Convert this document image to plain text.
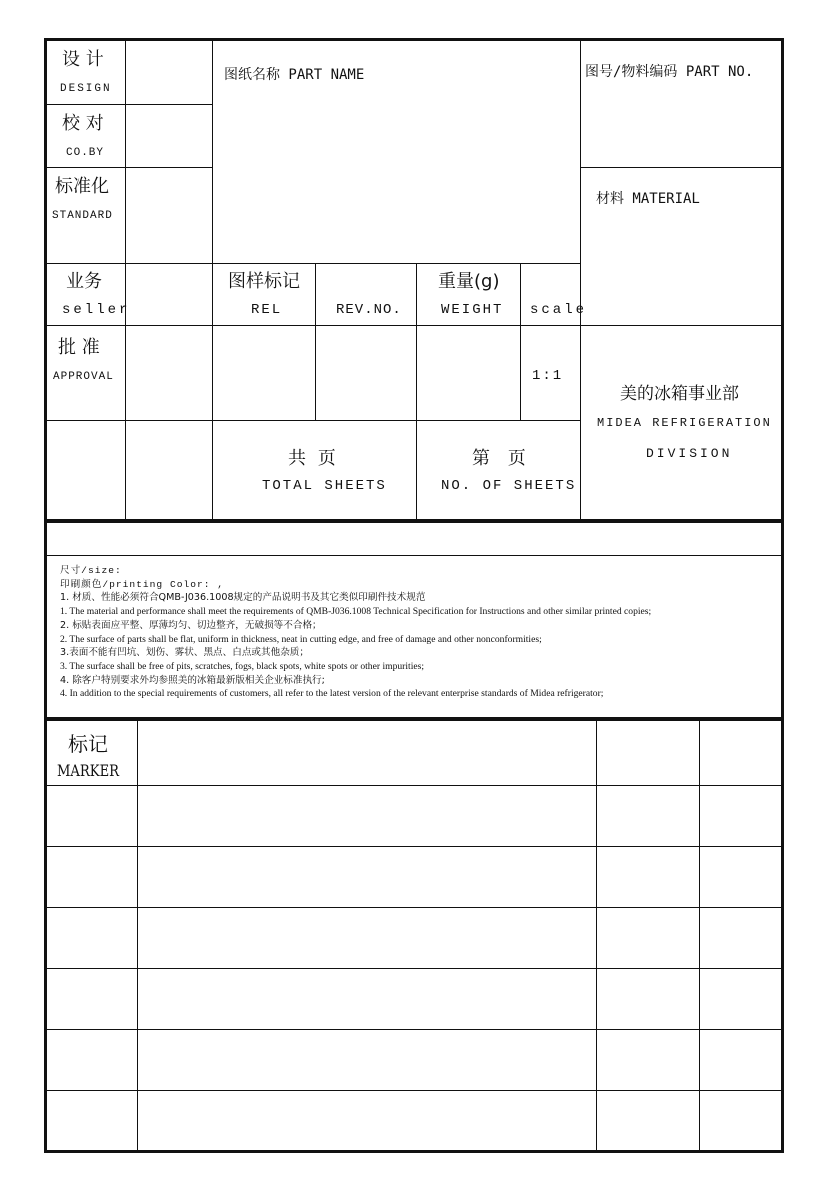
设 计
DESIGN
校 对
CO.BY
标准化
STANDARD
业务
seller
批 准
APPROVAL
图纸名称 PART NAME	图号/物料编码 PART NO.
材料 MATERIAL
图样标记
REL	REV.NO.
重量(g)
WEIGHT scale
1:1
共 页
TOTAL SHEETS
第 页
NO. OF SHEETS
美的冰箱事业部
MIDEA REFRIGERATION
DIVISION
尺寸/size:
印刷颜色/printing Color: ,
1. 材质、性能必须符合QMB-J036.1008规定的产品说明书及其它类似印刷件技术规范
1. The material and performance shall meet the requirements of QMB-J036.1008 Technical Specification for Instructions and other similar printed copies;
2. 标贴表面应平整、厚薄均匀、切边整齐，无破损等不合格；
2. The surface of parts shall be flat, uniform in thickness, neat in cutting edge, and free of damage and other nonconformities;
3.表面不能有凹坑、划伤、雾状、黑点、白点或其他杂质；
3. The surface shall be free of pits, scratches, fogs, black spots, white spots or other impurities;
4. 除客户特别要求外均参照美的冰箱最新版相关企业标准执行;
4. In addition to the special requirements of customers, all refer to the latest version of the relevant enterprise standards of Midea refrigerator;
标记
MARKER
